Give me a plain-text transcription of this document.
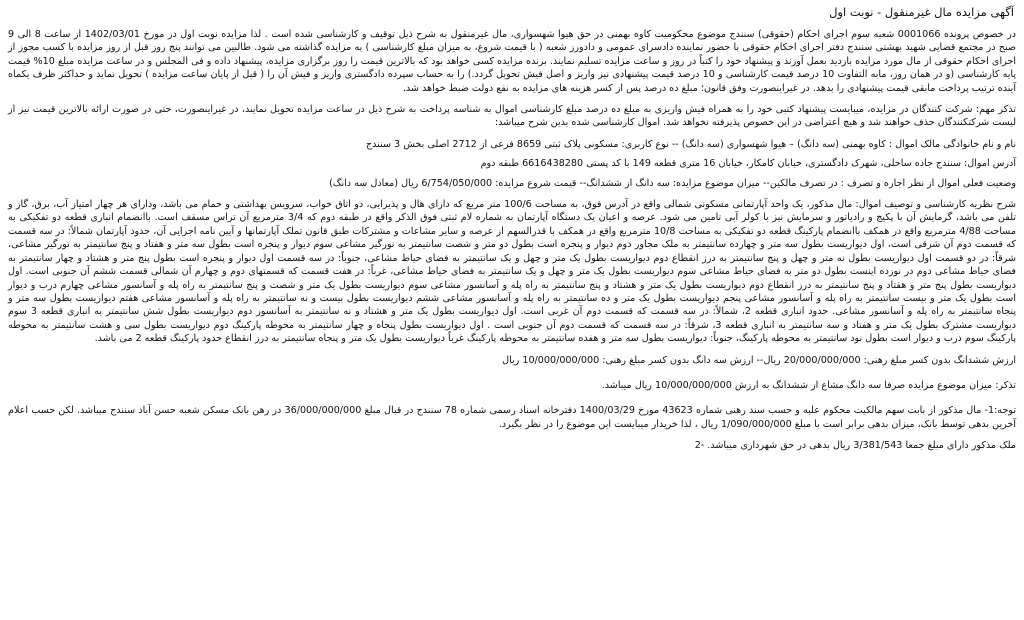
آگهی مزایده مال غیرمنقول - نوبت اول
در خصوص پرونده 0001066 شعبه سوم اجرای احکام (حقوقی) سنندج موضوع محکومیت کاوه بهمنی در حق هیوا شهسواری، مال غیرمنقول به شرح ذیل توقیف و کارشناسی شده است . لذا مزایده نوبت اول در مورخ 1402/03/01 از ساعت 8 الی 9 صبح در مجتمع قضایی شهید بهشتی سنندج دفتر اجرای احکام حقوقی با حضور نماینده دادسرای عمومی و دادورز شعبه ( با قیمت شروع، به میزان مبلغ کارشناسی ) به مزایده گذاشته می شود. طالبین می توانند پنج روز قبل از روز مزایده با کسب مجوز از اجرای احکام حقوقی از مال مورد مزایده بازدید بعمل آورند و پیشنهاد خود را کتباً در روز و ساعت مزایده تسلیم نمایند. برنده مزایده کسی خواهد بود که بالاترین قیمت را روز برگزاری مزایده، پیشنهاد داده و فی المجلس و در ساعت مزایده مبلغ 10% قیمت پایه کارشناسی (و در همان روز، مابه التفاوت 10 درصد قیمت کارشناسی و 10 درصد قیمت پیشنهادی نیز واریز و اصل فیش تحویل گردد.) را به حساب سپرده دادگستری واریز و فیش آن را ( قبل از پایان ساعت مزایده ) تحویل نماید و حداکثر ظرف یکماه آینده ترتیب پرداخت مابقی قیمت پیشنهادی را بدهد. در غیراینصورت وفق قانون؛ مبلغ ده درصد پس از کسر هزینه های مزایده به نفع دولت ضبط خواهد شد.
تذکر مهم: شرکت کنندگان در مزایده، میبایست پیشنهاد کتبی خود را به همراه فیش واریزی به مبلغ ده درصد مبلغ کارشناسی اموال به شناسه پرداخت به شرح ذیل در ساعت مزایده تحویل نمایند، در غیراینصورت، حتی در صورت ارائه بالاترین قیمت نیز از لیست شرکتکنندگان حذف خواهند شد و هیچ اعتراضی در این خصوص پذیرفته نخواهد شد. اموال کارشناسی شده بدین شرح میباشد:
نام و نام خانوادگی مالک اموال : کاوه بهمنی (سه دانگ) – هیوا شهسواری (سه دانگ) -- نوع کاربری: مسکونی پلاک ثبتی 8659 فرعی از 2712 اصلی بخش 3 سنندج
آدرس اموال: سنندج جاده ساحلی، شهرک دادگستری، خیابان کامکار، خیابان 16 متری قطعه 149 با کد پستی 6616438280 طبقه دوم
وضعیت فعلی اموال از نظر اجاره و تصرف : در تصرف مالکین-- میزان موضوع مزایده: سه دانگ از ششدانگ-- قیمت شروع مزایده: 6/754/050/000 ریال (معادل سه دانگ)
شرح نظریه کارشناسی و توصیف اموال: مال مذکور، یک واحد آپارتمانی مسکونی شمالی واقع در آدرس فوق، به مساحت 100/6 متر مربع که دارای هال و پذیرایی، دو اتاق خواب، سرویس بهداشتی و حمام می باشد، ودارای هر چهار امتیاز آب، برق، گاز و تلفن می باشد، گرمایش آن با پکیج و رادیاتور و سرمایش نیز با کولر آبی تامین می شود. عرصه و اعیان یک دستگاه آپارتمان به شماره لام ثبتی فوق الذکر واقع در طبقه دوم که 3/4 مترمربع آن تراس مسقف است. باانضمام انباری قطعه دو تفکیکی به مساحت 4/88 مترمربع واقع در همکف باانضمام پارکینگ قطعه دو تفکیکی به مساحت 10/8 مترمربع واقع در همکف با قدرالسهم از عرصه و سایر مشاعات و مشترکات طبق قانون تملک آپارتمانها و آیین نامه اجرایی آن، حدود آپارتمان شمالاً: در سه قسمت که قسمت دوم آن شرقی است، اول دیواریست بطول سه متر و چهارده سانتیمتر به ملک مجاور دوم دیوار و پنجره است بطول دو متر و شصت سانتیمتر به نورگیر مشاعی سوم دیوار و پنجره است بطول سه متر و هفتاد و پنج سانتیمتر به نورگیر مشاعی، شرقاً: در دو قسمت اول دیواریست بطول نه متر و چهل و پنج سانتیمتر به درز انقطاع دوم دیواریست بطول یک متر و چهل و یک سانتیمتر به فضای حیاط مشاعی، جنوباً: در سه قسمت اول دیوار و پنجره است بطول پنج متر و هشتاد و چهار سانتیمتر به فضای حیاط مشاعی دوم در نوزده اینست بطول دو متر به فضای حیاط مشاعی سوم دیواریست بطول یک متر و چهل و یک سانتیمتر به فضای حیاط مشاعی، غرباً: در هفت قسمت که قسمتهای دوم و چهارم آن شمالی قسمت ششم آن جنوبی است. اول دیواریست بطول پنج متر و هفتاد و پنج سانتیمتر به درز انقطاع دوم دیواریست بطول یک متر و هشتاد و پنج سانتیمتر به راه پله و آسانسور مشاعی سوم دیواریست بطول یک متر و شصت و پنج سانتیمتر به راه پله و آسانسور مشاعی چهارم درب و دیوار است بطول یک متر و بیست سانتیمتر به راه پله و آسانسور مشاعی پنجم دیواریست بطول یک متر و ده سانتیمتر به راه پله و آسانسور مشاعی ششم دیواریست بطول بیست و نه سانتیمتر به راه پله و آسانسور مشاعی هفتم دیواریست بطول سه متر و پنجاه سانتیمتر به راه پله و آسانسور مشاعی. حدود انباری قطعه 2، شمالاً: در سه قسمت که قسمت دوم آن غربی است. اول دیواریست بطول یک متر و هشتاد و نه سانتیمتر به آسانسور دوم دیواریست بطول شش سانتیمتر به انباری قطعه 3 سوم دیواریست مشترک بطول یک متر و هفتاد و سه سانتیمتر به انباری قطعه 3، شرقاً: در سه قسمت که قسمت دوم آن جنوبی است . اول دیواریست بطول پنجاه و چهار سانتیمتر به محوطه پارکینگ دوم دیواریست بطول سی و هشت سانتیمتر به محوطه پارکینگ سوم درب و دیوار است بطول نود سانتیمتر به محوطه پارکینگ، جنوباً: دیواریست بطول سه متر و هفده سانتیمتر به محوطه پارکینگ غرباً دیواریست بطول یک متر و پنجاه سانتیمتر به درز انقطاع حدود پارکینگ قطعه 2 می باشد.
ارزش ششدانگ بدون کسر مبلغ رهنی: 20/000/000/000 ریال-- ارزش سه دانگ بدون کسر مبلغ رهنی: 10/000/000/000 ریال
تذکر: میزان موضوع مزایده صرفا سه دانگ مشاع از ششدانگ به ارزش 10/000/000/000 ریال میباشد.
توجه:1- مال مذکور از بابت سهم مالکیت محکوم علیه و حسب سند رهنی شماره 43623 مورخ 1400/03/29 دفترخانه اسناد رسمی شماره 78 سنندج در قبال مبلغ 36/000/000/000 در رهن بانک مسکن شعبه حسن آباد سنندج میباشد. لکن حسب اعلام آخرین بدهی توسط بانک، میزان بدهی برابر است با مبلغ 1/090/000/000 ریال ، لذا خریدار میبایست این موضوع را در نظر بگیرد.
ملک مذکور دارای مبلغ جمعا 3/381/543 ریال بدهی در حق شهرداری میباشد. -2
